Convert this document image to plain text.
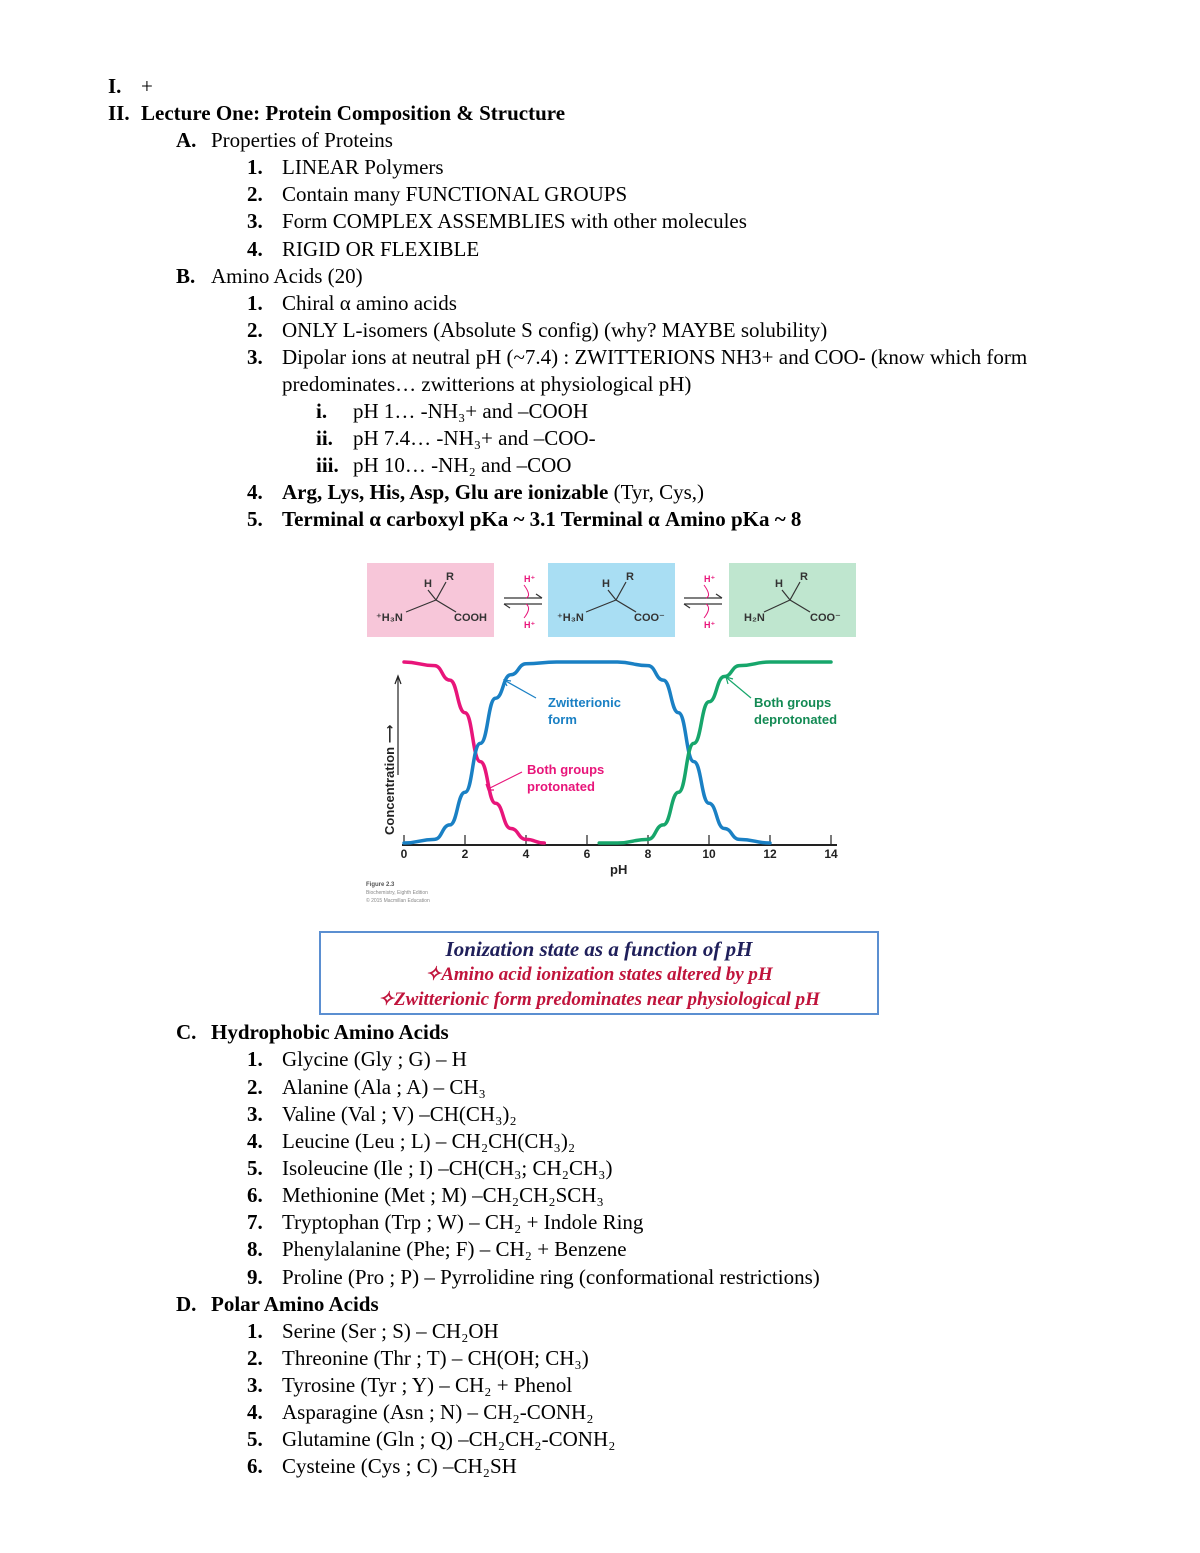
I. +
II. Lecture One: Protein Composition & Structure
A. Properties of Proteins
1. LINEAR Polymers
2. Contain many FUNCTIONAL GROUPS
3. Form COMPLEX ASSEMBLIES with other molecules
4. RIGID OR FLEXIBLE
B. Amino Acids (20)
1. Chiral α amino acids
2. ONLY L-isomers (Absolute S config) (why? MAYBE solubility)
3. Dipolar ions at neutral pH (~7.4) : ZWITTERIONS NH3+ and COO- (know which form
predominates… zwitterions at physiological pH)
i. pH 1… -NH₃+ and –COOH
ii. pH 7.4… -NH₃+ and –COO-
iii. pH 10… -NH₂ and –COO
4. Arg, Lys, His, Asp, Glu are ionizable (Tyr, Cys,)
5. Terminal α carboxyl pKa ~ 3.1 Terminal α Amino pKa ~ 8
H
R
⁺H₃N	COOH
H⁺
H⁺
H
R
⁺H₃N	COO⁻
H⁺
H⁺
H
R
H₂N	COO⁻
Concentration ⟶
pH
0	2	4	6	8	10	12	14
Zwitterionic
form
Both groups
protonated
Both groups
deprotonated
Figure 2.3
Biochemistry, Eighth Edition
© 2015 Macmillan Education
Ionization state as a function of pH
✧Amino acid ionization states altered by pH
✧Zwitterionic form predominates near physiological pH
C. Hydrophobic Amino Acids
1. Glycine (Gly ; G) – H
2. Alanine (Ala ; A) – CH₃
3. Valine (Val ; V) –CH(CH₃)₂
4. Leucine (Leu ; L) – CH₂CH(CH₃)₂
5. Isoleucine (Ile ; I) –CH(CH₃; CH₂CH₃)
6. Methionine (Met ; M) –CH₂CH₂SCH₃
7. Tryptophan (Trp ; W) – CH₂ + Indole Ring
8. Phenylalanine (Phe; F) – CH₂ + Benzene
9. Proline (Pro ; P) – Pyrrolidine ring (conformational restrictions)
D. Polar Amino Acids
1. Serine (Ser ; S) – CH₂OH
2. Threonine (Thr ; T) – CH(OH; CH₃)
3. Tyrosine (Tyr ; Y) – CH₂ + Phenol
4. Asparagine (Asn ; N) – CH₂-CONH₂
5. Glutamine (Gln ; Q) –CH₂CH₂-CONH₂
6. Cysteine (Cys ; C) –CH₂SH
